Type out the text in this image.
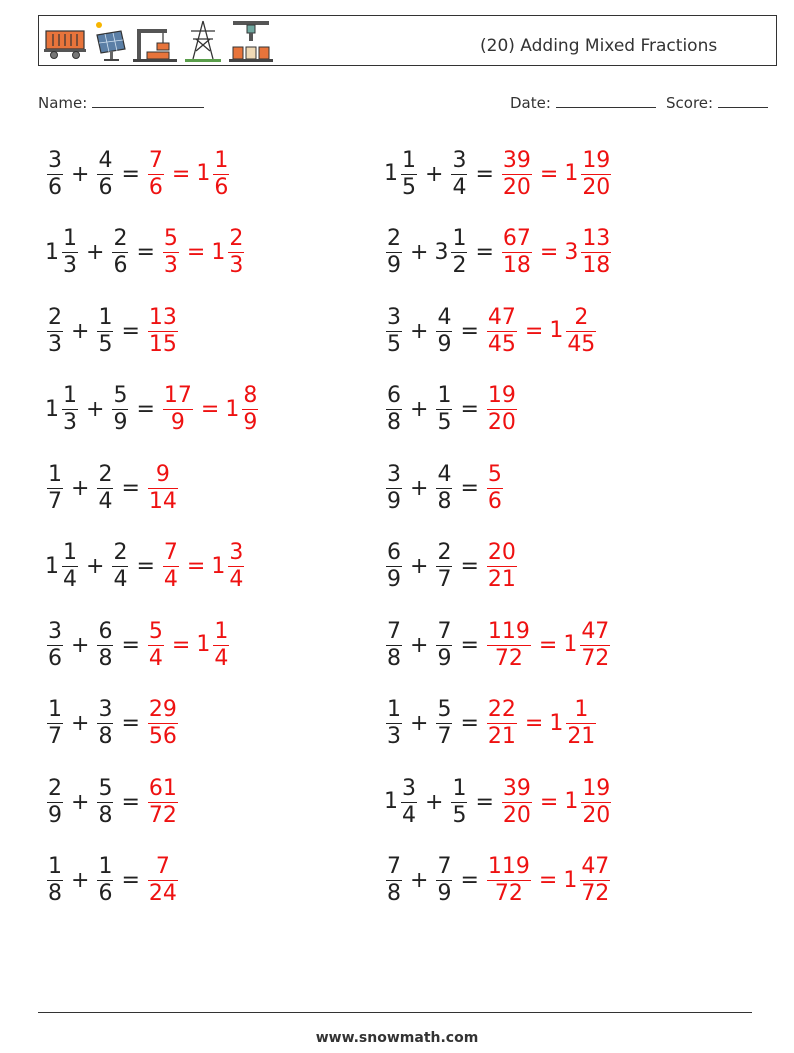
(20) Adding Mixed Fractions
Name:	Date:	Score:
$\frac{3}{6} + \frac{4}{6} = \frac{7}{6} = 1 \frac{1}{6}$	$1 \frac{1}{5} + \frac{3}{4} = \frac{39}{20} = 1 \frac{19}{20}$
$1 \frac{1}{3} + \frac{2}{6} = \frac{5}{3} = 1 \frac{2}{3}$	$\frac{2}{9} + 3 \frac{1}{2} = \frac{67}{18} = 3 \frac{13}{18}$
$\frac{2}{3} + \frac{1}{5} = \frac{13}{15}$	$\frac{3}{5} + \frac{4}{9} = \frac{47}{45} = 1 \frac{2}{45}$
$1 \frac{1}{3} + \frac{5}{9} = \frac{17}{9} = 1 \frac{8}{9}$	$\frac{6}{8} + \frac{1}{5} = \frac{19}{20}$
$\frac{1}{7} + \frac{2}{4} = \frac{9}{14}$	$\frac{3}{9} + \frac{4}{8} = \frac{5}{6}$
$1 \frac{1}{4} + \frac{2}{4} = \frac{7}{4} = 1 \frac{3}{4}$	$\frac{6}{9} + \frac{2}{7} = \frac{20}{21}$
$\frac{3}{6} + \frac{6}{8} = \frac{5}{4} = 1 \frac{1}{4}$	$\frac{7}{8} + \frac{7}{9} = \frac{119}{72} = 1 \frac{47}{72}$
$\frac{1}{7} + \frac{3}{8} = \frac{29}{56}$	$\frac{1}{3} + \frac{5}{7} = \frac{22}{21} = 1 \frac{1}{21}$
$\frac{2}{9} + \frac{5}{8} = \frac{61}{72}$	$1 \frac{3}{4} + \frac{1}{5} = \frac{39}{20} = 1 \frac{19}{20}$
$\frac{1}{8} + \frac{1}{6} = \frac{7}{24}$	$\frac{7}{8} + \frac{7}{9} = \frac{119}{72} = 1 \frac{47}{72}$
www.snowmath.com
